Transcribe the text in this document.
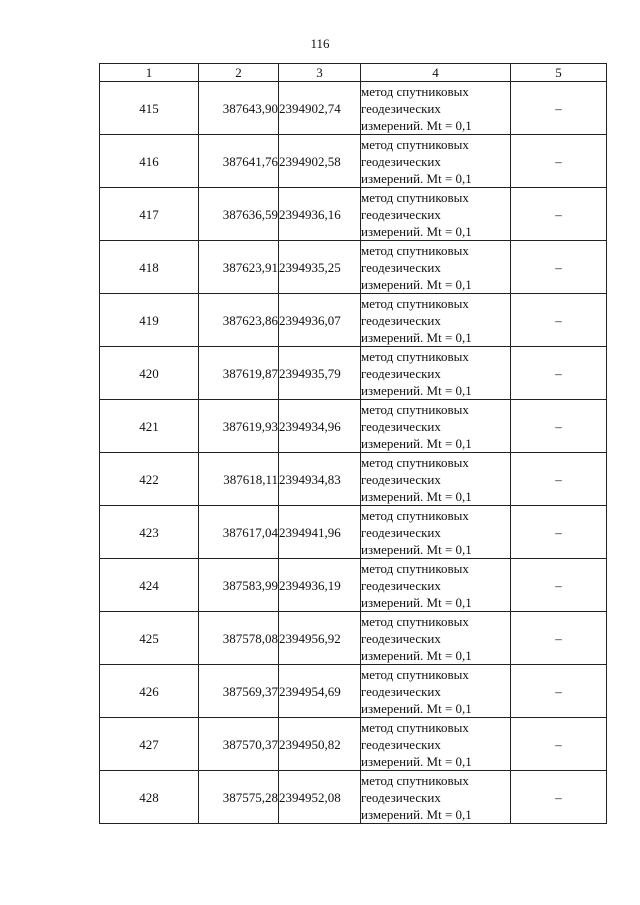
116
1	2	3	4	5
415	387643,90	2394902,74	метод спутниковых
геодезических
измерений. Mt = 0,1	–
416	387641,76	2394902,58	метод спутниковых
геодезических
измерений. Mt = 0,1	–
417	387636,59	2394936,16	метод спутниковых
геодезических
измерений. Mt = 0,1	–
418	387623,91	2394935,25	метод спутниковых
геодезических
измерений. Mt = 0,1	–
419	387623,86	2394936,07	метод спутниковых
геодезических
измерений. Mt = 0,1	–
420	387619,87	2394935,79	метод спутниковых
геодезических
измерений. Mt = 0,1	–
421	387619,93	2394934,96	метод спутниковых
геодезических
измерений. Mt = 0,1	–
422	387618,11	2394934,83	метод спутниковых
геодезических
измерений. Mt = 0,1	–
423	387617,04	2394941,96	метод спутниковых
геодезических
измерений. Mt = 0,1	–
424	387583,99	2394936,19	метод спутниковых
геодезических
измерений. Mt = 0,1	–
425	387578,08	2394956,92	метод спутниковых
геодезических
измерений. Mt = 0,1	–
426	387569,37	2394954,69	метод спутниковых
геодезических
измерений. Mt = 0,1	–
427	387570,37	2394950,82	метод спутниковых
геодезических
измерений. Mt = 0,1	–
428	387575,28	2394952,08	метод спутниковых
геодезических
измерений. Mt = 0,1	–
